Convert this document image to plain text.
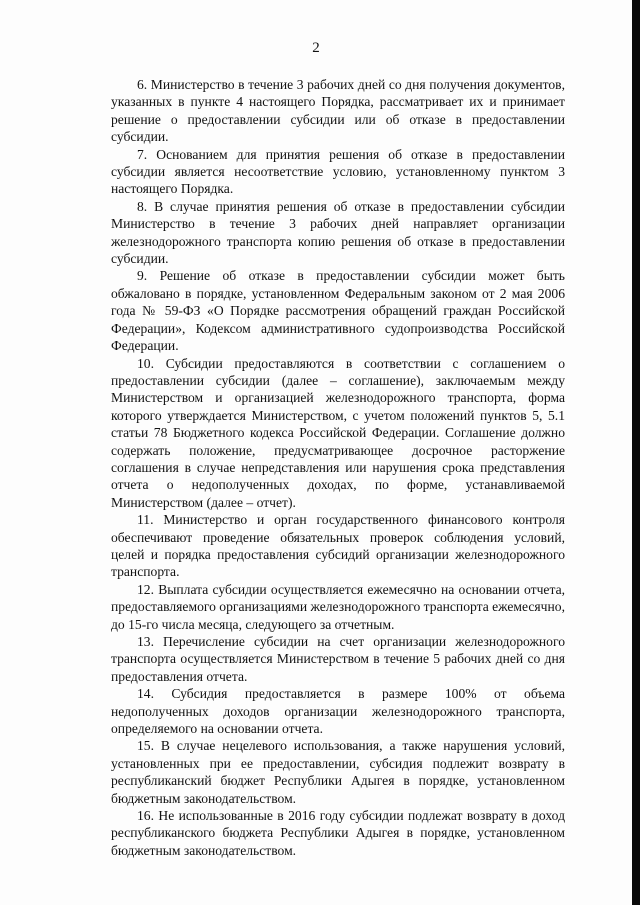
2

6. Министерство в течение 3 рабочих дней со дня получения документов, указанных в пункте 4 настоящего Порядка, рассматривает их и принимает решение о предоставлении субсидии или об отказе в предоставлении субсидии.

7. Основанием для принятия решения об отказе в предоставлении субсидии является несоответствие условию, установленному пунктом 3 настоящего Порядка.

8. В случае принятия решения об отказе в предоставлении субсидии Министерство в течение 3 рабочих дней направляет организации железнодорожного транспорта копию решения об отказе в предоставлении субсидии.

9. Решение об отказе в предоставлении субсидии может быть обжаловано в порядке, установленном Федеральным законом от 2 мая 2006 года № 59-ФЗ «О Порядке рассмотрения обращений граждан Российской Федерации», Кодексом административного судопроизводства Российской Федерации.

10. Субсидии предоставляются в соответствии с соглашением о предоставлении субсидии (далее – соглашение), заключаемым между Министерством и организацией железнодорожного транспорта, форма которого утверждается Министерством, с учетом положений пунктов 5, 5.1 статьи 78 Бюджетного кодекса Российской Федерации. Соглашение должно содержать положение, предусматривающее досрочное расторжение соглашения в случае непредставления или нарушения срока представления отчета о недополученных доходах, по форме, устанавливаемой Министерством (далее – отчет).

11. Министерство и орган государственного финансового контроля обеспечивают проведение обязательных проверок соблюдения условий, целей и порядка предоставления субсидий организации железнодорожного транспорта.

12. Выплата субсидии осуществляется ежемесячно на основании отчета, предоставляемого организациями железнодорожного транспорта ежемесячно, до 15-го числа месяца, следующего за отчетным.

13. Перечисление субсидии на счет организации железнодорожного транспорта осуществляется Министерством в течение 5 рабочих дней со дня предоставления отчета.

14. Субсидия предоставляется в размере 100% от объема недополученных доходов организации железнодорожного транспорта, определяемого на основании отчета.

15. В случае нецелевого использования, а также нарушения условий, установленных при ее предоставлении, субсидия подлежит возврату в республиканский бюджет Республики Адыгея в порядке, установленном бюджетным законодательством.

16. Не использованные в 2016 году субсидии подлежат возврату в доход республиканского бюджета Республики Адыгея в порядке, установленном бюджетным законодательством.
